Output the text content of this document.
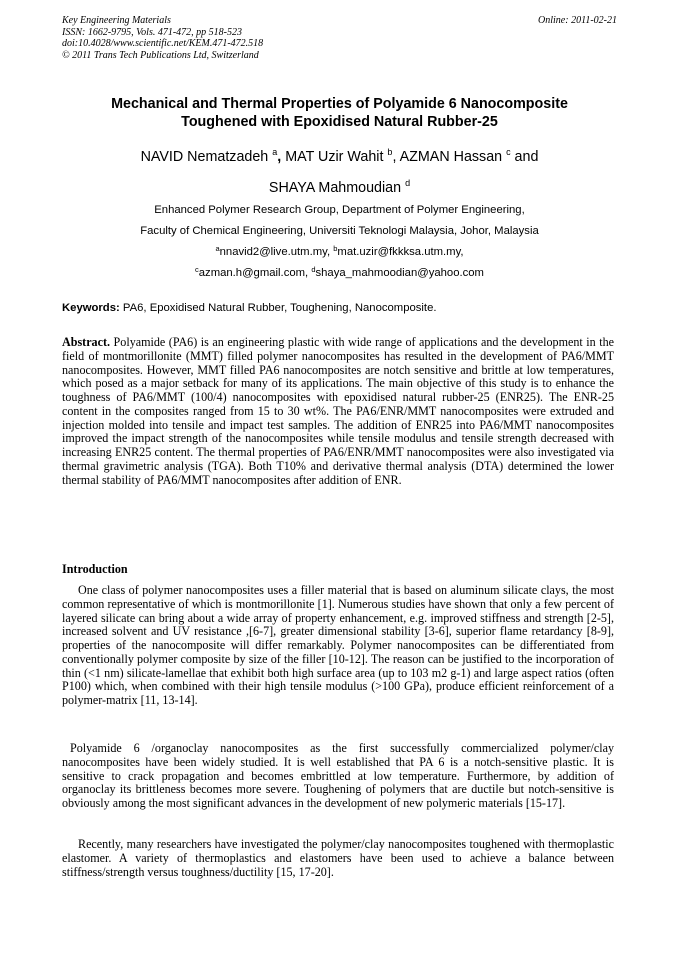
Key Engineering Materials
ISSN: 1662-9795, Vols. 471-472, pp 518-523
doi:10.4028/www.scientific.net/KEM.471-472.518
© 2011 Trans Tech Publications Ltd, Switzerland
Online: 2011-02-21
Mechanical and Thermal Properties of Polyamide 6 Nanocomposite
Toughened with Epoxidised Natural Rubber-25
NAVID Nematzadeh $^a$, MAT Uzir Wahit $^b$, AZMAN Hassan $^c$ and
SHAYA Mahmoudian $^d$
Enhanced Polymer Research Group, Department of Polymer Engineering,
Faculty of Chemical Engineering, Universiti Teknologi Malaysia, Johor, Malaysia
$^a$nnavid2@live.utm.my, $^b$mat.uzir@fkkksa.utm.my,
$^c$azman.h@gmail.com, $^d$shaya_mahmoodian@yahoo.com
Keywords: PA6, Epoxidised Natural Rubber, Toughening, Nanocomposite.
Abstract. Polyamide (PA6) is an engineering plastic with wide range of applications and the development in the field of montmorillonite (MMT) filled polymer nanocomposites has resulted in the development of PA6/MMT nanocomposites. However, MMT filled PA6 nanocomposites are notch sensitive and brittle at low temperatures, which posed as a major setback for many of its applications. The main objective of this study is to enhance the toughness of PA6/MMT (100/4) nanocomposites with epoxidised natural rubber-25 (ENR25). The ENR-25 content in the composites ranged from 15 to 30 wt%. The PA6/ENR/MMT nanocomposites were extruded and injection molded into tensile and impact test samples. The addition of ENR25 into PA6/MMT nanocomposites improved the impact strength of the nanocomposites while tensile modulus and tensile strength decreased with increasing ENR25 content. The thermal properties of PA6/ENR/MMT nanocomposites were also investigated via thermal gravimetric analysis (TGA). Both T10% and derivative thermal analysis (DTA) determined the lower thermal stability of PA6/MMT nanocomposites after addition of ENR.
Introduction
One class of polymer nanocomposites uses a filler material that is based on aluminum silicate clays, the most common representative of which is montmorillonite [1]. Numerous studies have shown that only a few percent of layered silicate can bring about a wide array of property enhancement, e.g. improved stiffness and strength [2-5], increased solvent and UV resistance ,[6-7], greater dimensional stability [3-6], superior flame retardancy [8-9], properties of the nanocomposite will differ remarkably. Polymer nanocomposites can be differentiated from conventionally polymer composite by size of the filler [10-12]. The reason can be justified to the incorporation of thin (<1 nm) silicate-lamellae that exhibit both high surface area (up to 103 m2 g-1) and large aspect ratios (often P100) which, when combined with their high tensile modulus (>100 GPa), produce efficient reinforcement of a polymer-matrix [11, 13-14].
Polyamide 6 /organoclay nanocomposites as the first successfully commercialized polymer/clay nanocomposites have been widely studied. It is well established that PA 6 is a notch-sensitive plastic. It is sensitive to crack propagation and becomes embrittled at low temperature. Furthermore, by addition of organoclay its brittleness becomes more severe. Toughening of polymers that are ductile but notch-sensitive is obviously among the most significant advances in the development of new polymeric materials [15-17].
Recently, many researchers have investigated the polymer/clay nanocomposites toughened with thermoplastic elastomer. A variety of thermoplastics and elastomers have been used to achieve a balance between stiffness/strength versus toughness/ductility [15, 17-20].
